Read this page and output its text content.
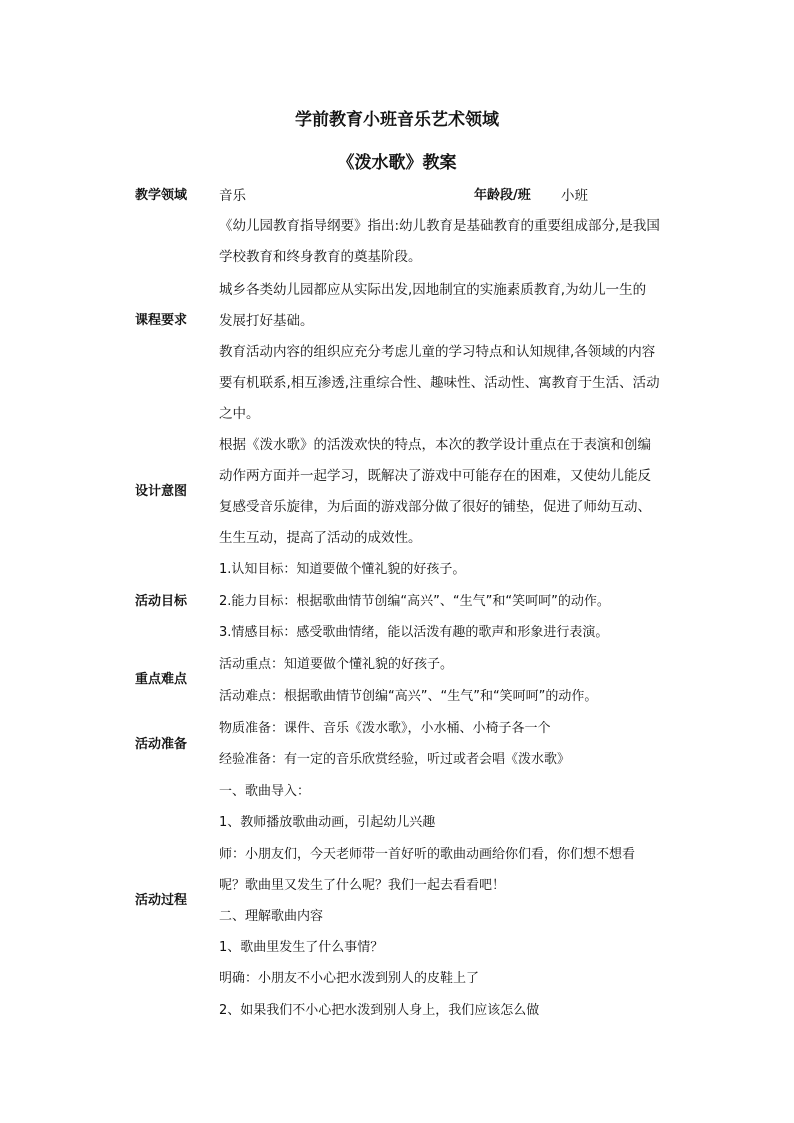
学前教育小班音乐艺术领域
《泼水歌》教案
教学领域 音乐	年龄段/班 小班
课程要求
《幼儿园教育指导纲要》指出:幼儿教育是基础教育的重要组成部分,是我国
学校教育和终身教育的奠基阶段。
城乡各类幼儿园都应从实际出发,因地制宜的实施素质教育,为幼儿一生的
发展打好基础。
教育活动内容的组织应充分考虑儿童的学习特点和认知规律,各领域的内容
要有机联系,相互渗透,注重综合性、趣味性、活动性、寓教育于生活、活动
之中。
设计意图
根据《泼水歌》的活泼欢快的特点，本次的教学设计重点在于表演和创编
动作两方面并一起学习，既解决了游戏中可能存在的困难，又使幼儿能反
复感受音乐旋律，为后面的游戏部分做了很好的铺垫，促进了师幼互动、
生生互动，提高了活动的成效性。
活动目标
1.认知目标：知道要做个懂礼貌的好孩子。
2.能力目标：根据歌曲情节创编“高兴”、“生气”和“笑呵呵”的动作。
3.情感目标：感受歌曲情绪，能以活泼有趣的歌声和形象进行表演。
重点难点
活动重点：知道要做个懂礼貌的好孩子。
活动难点：根据歌曲情节创编“高兴”、“生气”和“笑呵呵”的动作。
活动准备
物质准备：课件、音乐《泼水歌》，小水桶、小椅子各一个
经验准备：有一定的音乐欣赏经验，听过或者会唱《泼水歌》
活动过程
一、歌曲导入：
1、教师播放歌曲动画，引起幼儿兴趣
师：小朋友们，今天老师带一首好听的歌曲动画给你们看，你们想不想看
呢？歌曲里又发生了什么呢？我们一起去看看吧！
二、理解歌曲内容
1、歌曲里发生了什么事情？
明确：小朋友不小心把水泼到别人的皮鞋上了
2、如果我们不小心把水泼到别人身上，我们应该怎么做
